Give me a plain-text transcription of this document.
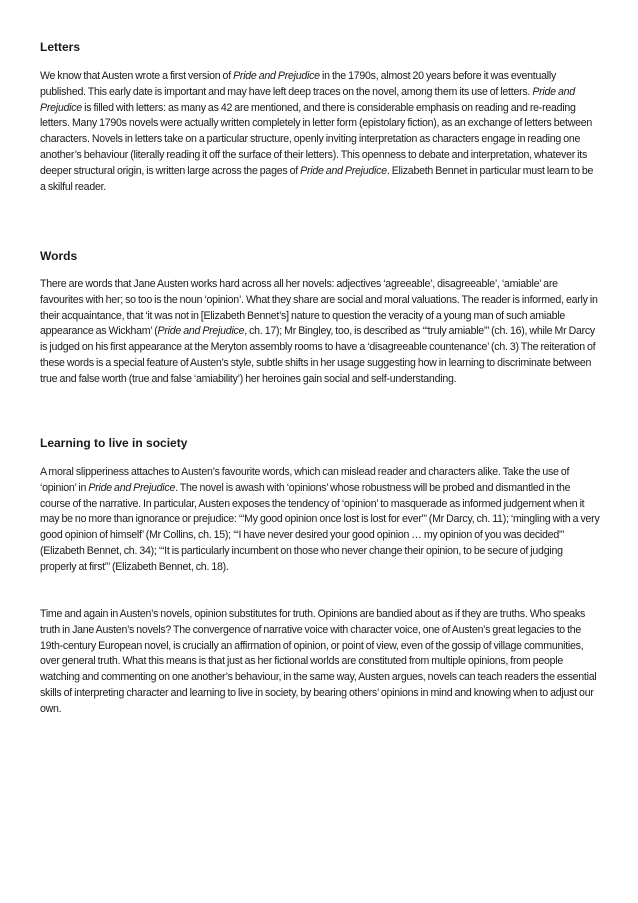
Letters

We know that Austen wrote a first version of Pride and Prejudice in the 1790s, almost 20 years before it was eventually published. This early date is important and may have left deep traces on the novel, among them its use of letters. Pride and Prejudice is filled with letters: as many as 42 are mentioned, and there is considerable emphasis on reading and re-reading letters. Many 1790s novels were actually written completely in letter form (epistolary fiction), as an exchange of letters between characters. Novels in letters take on a particular structure, openly inviting interpretation as characters engage in reading one another’s behaviour (literally reading it off the surface of their letters). This openness to debate and interpretation, whatever its deeper structural origin, is written large across the pages of Pride and Prejudice. Elizabeth Bennet in particular must learn to be a skilful reader.

Words

There are words that Jane Austen works hard across all her novels: adjectives ‘agreeable’, disagreeable’, ‘amiable’ are favourites with her; so too is the noun ‘opinion’. What they share are social and moral valuations. The reader is informed, early in their acquaintance, that ‘it was not in [Elizabeth Bennet’s] nature to question the veracity of a young man of such amiable appearance as Wickham’ (Pride and Prejudice, ch. 17); Mr Bingley, too, is described as ‘“truly amiable”’ (ch. 16), while Mr Darcy is judged on his first appearance at the Meryton assembly rooms to have a ‘disagreeable countenance’ (ch. 3) The reiteration of these words is a special feature of Austen’s style, subtle shifts in her usage suggesting how in learning to discriminate between true and false worth (true and false ‘amiability’) her heroines gain social and self-understanding.

Learning to live in society

A moral slipperiness attaches to Austen’s favourite words, which can mislead reader and characters alike. Take the use of ‘opinion’ in Pride and Prejudice. The novel is awash with ‘opinions’ whose robustness will be probed and dismantled in the course of the narrative. In particular, Austen exposes the tendency of ‘opinion’ to masquerade as informed judgement when it may be no more than ignorance or prejudice: ‘“My good opinion once lost is lost for ever”’ (Mr Darcy, ch. 11); ‘mingling with a very good opinion of himself’ (Mr Collins, ch. 15); ‘“I have never desired your good opinion … my opinion of you was decided”’ (Elizabeth Bennet, ch. 34); ‘“It is particularly incumbent on those who never change their opinion, to be secure of judging properly at first”’ (Elizabeth Bennet, ch. 18).

Time and again in Austen’s novels, opinion substitutes for truth. Opinions are bandied about as if they are truths. Who speaks truth in Jane Austen’s novels? The convergence of narrative voice with character voice, one of Austen’s great legacies to the 19th-century European novel, is crucially an affirmation of opinion, or point of view, even of the gossip of village communities, over general truth. What this means is that just as her fictional worlds are constituted from multiple opinions, from people watching and commenting on one another’s behaviour, in the same way, Austen argues, novels can teach readers the essential skills of interpreting character and learning to live in society, by bearing others’ opinions in mind and knowing when to adjust our own.
